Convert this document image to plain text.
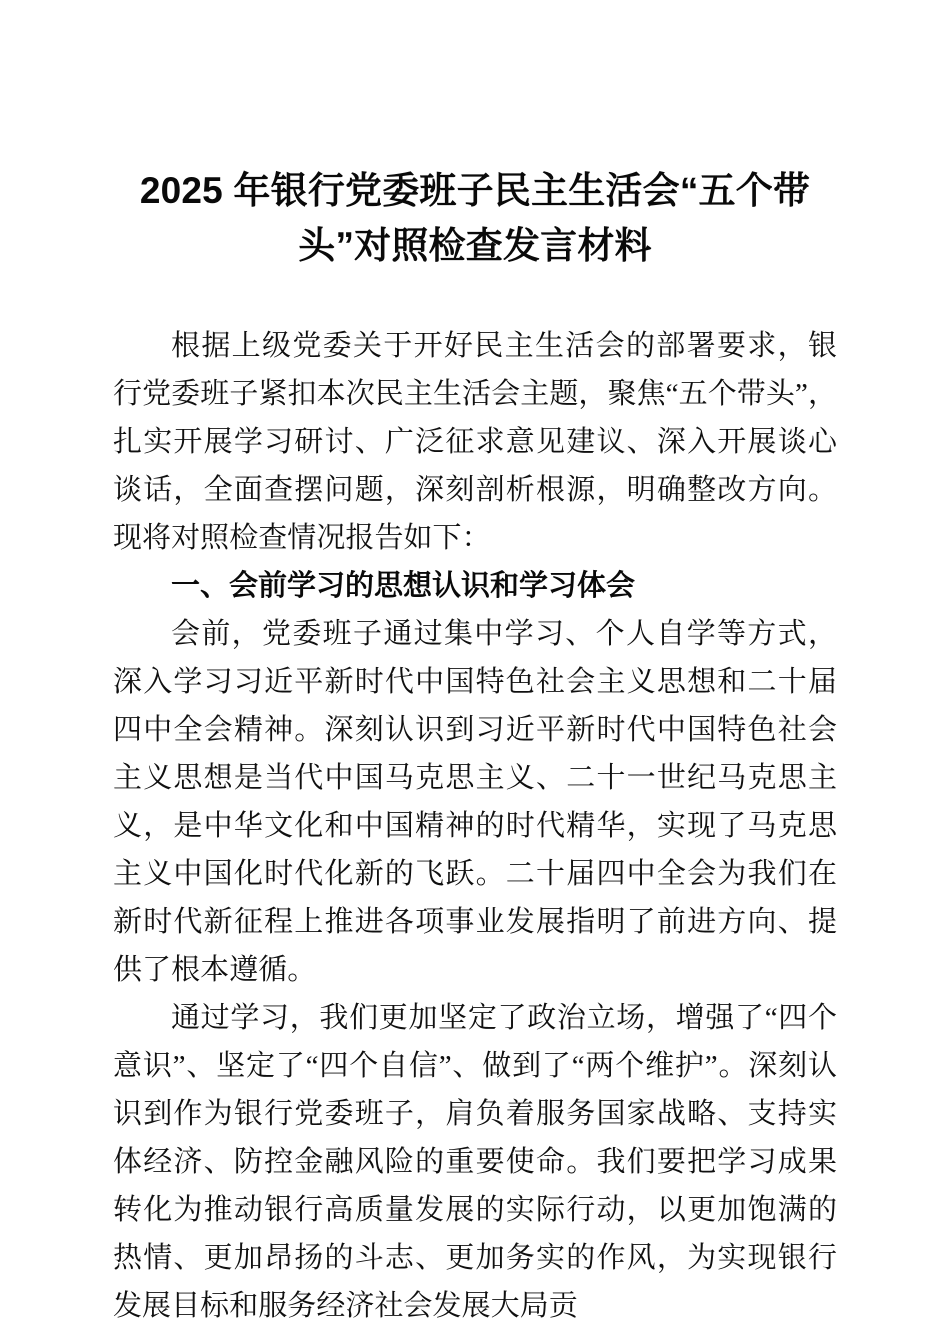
2025 年银行党委班子民主生活会“五个带 头”对照检查发言材料

根据上级党委关于开好民主生活会的部署要求，银行党委班子紧扣本次民主生活会主题，聚焦“五个带头”，扎实开展学习研讨、广泛征求意见建议、深入开展谈心谈话，全面查摆问题，深刻剖析根源，明确整改方向。现将对照检查情况报告如下：

一、会前学习的思想认识和学习体会

会前，党委班子通过集中学习、个人自学等方式，深入学习习近平新时代中国特色社会主义思想和二十届四中全会精神。深刻认识到习近平新时代中国特色社会主义思想是当代中国马克思主义、二十一世纪马克思主义，是中华文化和中国精神的时代精华，实现了马克思主义中国化时代化新的飞跃。二十届四中全会为我们在新时代新征程上推进各项事业发展指明了前进方向、提供了根本遵循。

通过学习，我们更加坚定了政治立场，增强了“四个意识”、坚定了“四个自信”、做到了“两个维护”。深刻认识到作为银行党委班子，肩负着服务国家战略、支持实体经济、防控金融风险的重要使命。我们要把学习成果转化为推动银行高质量发展的实际行动，以更加饱满的热情、更加昂扬的斗志、更加务实的作风，为实现银行发展目标和服务经济社会发展大局贡
